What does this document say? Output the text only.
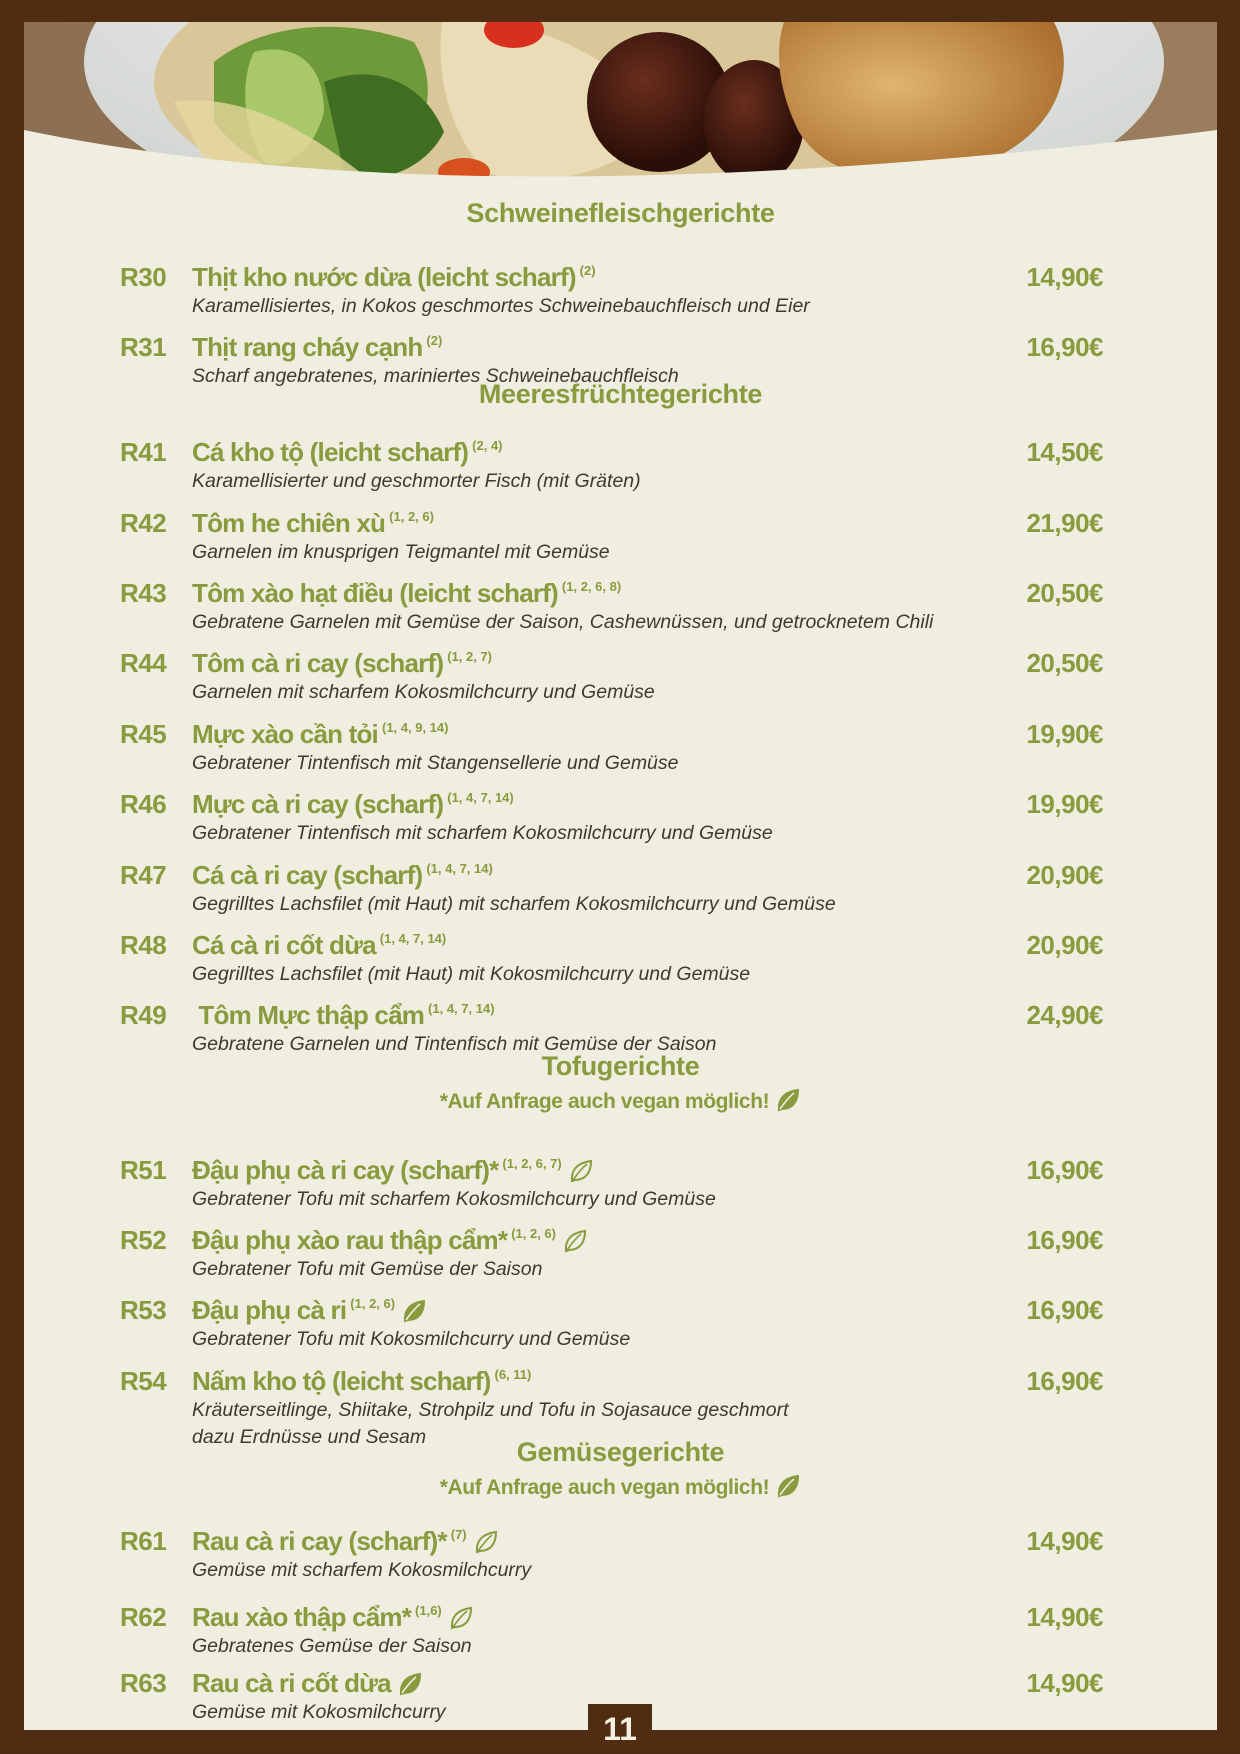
Schweinefleischgerichte
R30 Thịt kho nước dừa (leicht scharf) $^{(2)}$	14,90€
Karamellisiertes, in Kokos geschmortes Schweinebauchfleisch und Eier
R31 Thịt rang cháy cạnh $^{(2)}$	16,90€
Scharf angebratenes, mariniertes Schweinebauchfleisch
Meeresfrüchtegerichte
R41 Cá kho tộ (leicht scharf) $^{(2, 4)}$	14,50€
Karamellisierter und geschmorter Fisch (mit Gräten)
R42 Tôm he chiên xù $^{(1, 2, 6)}$	21,90€
Garnelen im knusprigen Teigmantel mit Gemüse
R43 Tôm xào hạt điều (leicht scharf) $^{(1, 2, 6, 8)}$	20,50€
Gebratene Garnelen mit Gemüse der Saison, Cashewnüssen, und getrocknetem Chili
R44 Tôm cà ri cay (scharf) $^{(1, 2, 7)}$	20,50€
Garnelen mit scharfem Kokosmilchcurry und Gemüse
R45 Mực xào cần tỏi $^{(1, 4, 9, 14)}$	19,90€
Gebratener Tintenfisch mit Stangensellerie und Gemüse
R46 Mực cà ri cay (scharf) $^{(1, 4, 7, 14)}$	19,90€
Gebratener Tintenfisch mit scharfem Kokosmilchcurry und Gemüse
R47 Cá cà ri cay (scharf) $^{(1, 4, 7, 14)}$	20,90€
Gegrilltes Lachsfilet (mit Haut) mit scharfem Kokosmilchcurry und Gemüse
R48 Cá cà ri cốt dừa $^{(1, 4, 7, 14)}$	20,90€
Gegrilltes Lachsfilet (mit Haut) mit Kokosmilchcurry und Gemüse
R49 Tôm Mực thập cẩm $^{(1, 4, 7, 14)}$	24,90€
Gebratene Garnelen und Tintenfisch mit Gemüse der Saison
Tofugerichte
*Auf Anfrage auch vegan möglich!
R51 Đậu phụ cà ri cay (scharf)* $^{(1, 2, 6, 7)}$	16,90€
Gebratener Tofu mit scharfem Kokosmilchcurry und Gemüse
R52 Đậu phụ xào rau thập cẩm* $^{(1, 2, 6)}$	16,90€
Gebratener Tofu mit Gemüse der Saison
R53 Đậu phụ cà ri $^{(1, 2, 6)}$	16,90€
Gebratener Tofu mit Kokosmilchcurry und Gemüse
R54 Nấm kho tộ (leicht scharf) $^{(6, 11)}$	16,90€
Kräuterseitlinge, Shiitake, Strohpilz und Tofu in Sojasauce geschmort
dazu Erdnüsse und Sesam	Gemüsegerichte
*Auf Anfrage auch vegan möglich!
R61 Rau cà ri cay (scharf)* $^{(7)}$	14,90€
Gemüse mit scharfem Kokosmilchcurry
R62 Rau xào thập cẩm* $^{(1,6)}$	14,90€
Gebratenes Gemüse der Saison
R63 Rau cà ri cốt dừa	14,90€
Gemüse mit Kokosmilchcurry	11
